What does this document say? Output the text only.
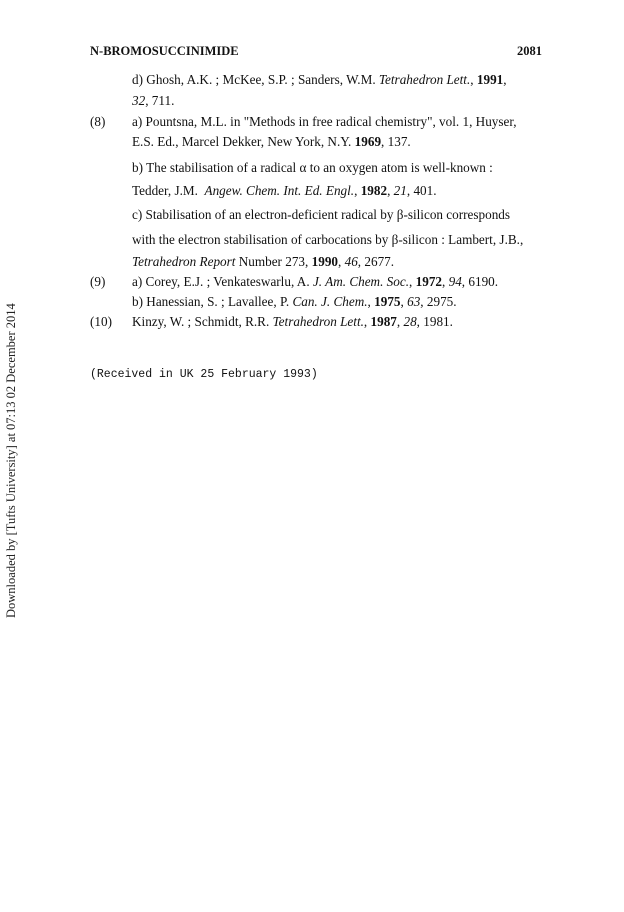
N-BROMOSUCCINIMIDE	2081
d) Ghosh, A.K. ; McKee, S.P. ; Sanders, W.M. Tetrahedron Lett., 1991,
32, 711.
(8) a) Pountsna, M.L. in "Methods in free radical chemistry", vol. 1, Huyser,
E.S. Ed., Marcel Dekker, New York, N.Y. 1969, 137.
b) The stabilisation of a radical α to an oxygen atom is well-known :
Tedder, J.M. Angew. Chem. Int. Ed. Engl., 1982, 21, 401.
c) Stabilisation of an electron-deficient radical by β-silicon corresponds
with the electron stabilisation of carbocations by β-silicon : Lambert, J.B.,
Tetrahedron Report Number 273, 1990, 46, 2677.
(9) a) Corey, E.J. ; Venkateswarlu, A. J. Am. Chem. Soc., 1972, 94, 6190.
b) Hanessian, S. ; Lavallee, P. Can. J. Chem., 1975, 63, 2975.
(10) Kinzy, W. ; Schmidt, R.R. Tetrahedron Lett., 1987, 28, 1981.
(Received in UK 25 February 1993)
Downloaded by [Tufts University] at 07:13 02 December 2014
